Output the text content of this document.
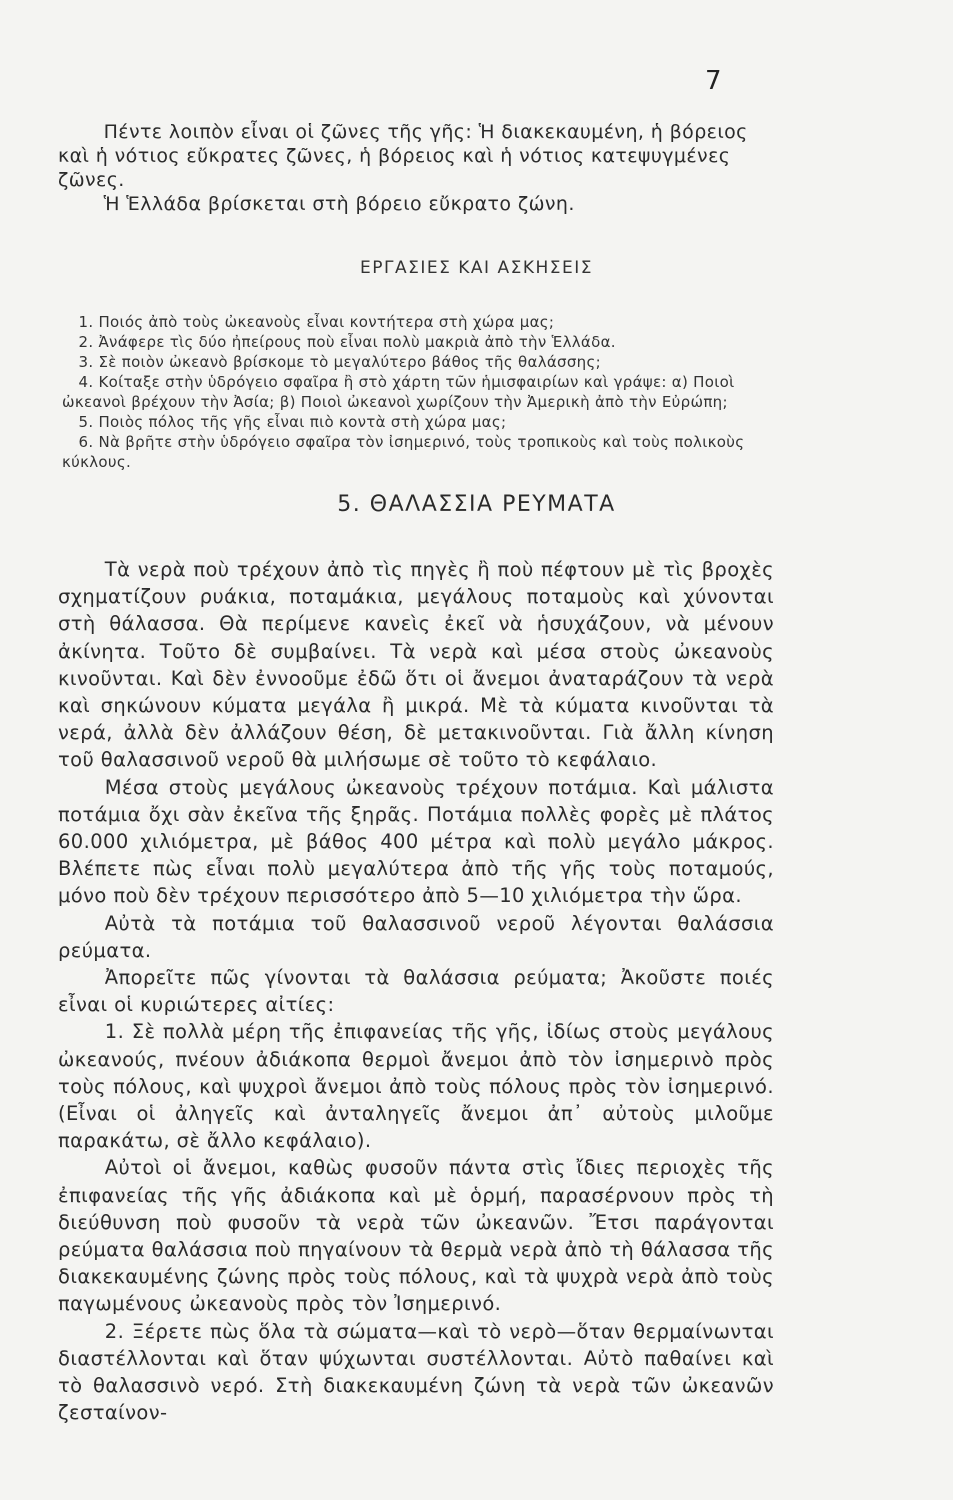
7

Πέντε λοιπὸν εἶναι οἱ ζῶνες τῆς γῆς: Ἡ διακεκαυμένη, ἡ βόρειος καὶ ἡ νότιος εὔκρατες ζῶνες, ἡ βόρειος καὶ ἡ νότιος κατεψυγμένες ζῶνες.

Ἡ Ἑλλάδα βρίσκεται στὴ βόρειο εὔκρατο ζώνη.

ΕΡΓΑΣΙΕΣ ΚΑΙ ΑΣΚΗΣΕΙΣ

1. Ποιός ἀπὸ τοὺς ὠκεανοὺς εἶναι κοντήτερα στὴ χώρα μας;

2. Ἀνάφερε τὶς δύο ἠπείρους ποὺ εἶναι πολὺ μακριὰ ἀπὸ τὴν Ἑλλάδα.

3. Σὲ ποιὸν ὠκεανὸ βρίσκομε τὸ μεγαλύτερο βάθος τῆς θαλάσσης;

4. Κοίταξε στὴν ὑδρόγειο σφαῖρα ἢ στὸ χάρτη τῶν ἡμισφαιρίων καὶ γράψε: α) Ποιοὶ ὠκεανοὶ βρέχουν τὴν Ἀσία; β) Ποιοὶ ὠκεανοὶ χωρίζουν τὴν Ἀμερικὴ ἀπὸ τὴν Εὐρώπη;

5. Ποιὸς πόλος τῆς γῆς εἶναι πιὸ κοντὰ στὴ χώρα μας;

6. Νὰ βρῆτε στὴν ὑδρόγειο σφαῖρα τὸν ἰσημερινό, τοὺς τροπικοὺς καὶ τοὺς πολικοὺς κύκλους.

5. ΘΑΛΑΣΣΙΑ ΡΕΥΜΑΤΑ

Τὰ νερὰ ποὺ τρέχουν ἀπὸ τὶς πηγὲς ἢ ποὺ πέφτουν μὲ τὶς βροχὲς σχηματίζουν ρυάκια, ποταμάκια, μεγάλους ποταμοὺς καὶ χύνονται στὴ θάλασσα. Θὰ περίμενε κανεὶς ἐκεῖ νὰ ἡσυχάζουν, νὰ μένουν ἀκίνητα. Τοῦτο δὲ συμβαίνει. Τὰ νερὰ καὶ μέσα στοὺς ὠκεανοὺς κινοῦνται. Καὶ δὲν ἐννοοῦμε ἐδῶ ὅτι οἱ ἄνεμοι ἀναταράζουν τὰ νερὰ καὶ σηκώνουν κύματα μεγάλα ἢ μικρά. Μὲ τὰ κύματα κινοῦνται τὰ νερά, ἀλλὰ δὲν ἀλλάζουν θέση, δὲ μετακινοῦνται. Γιὰ ἄλλη κίνηση τοῦ θαλασσινοῦ νεροῦ θὰ μιλήσωμε σὲ τοῦτο τὸ κεφάλαιο.

Μέσα στοὺς μεγάλους ὠκεανοὺς τρέχουν ποτάμια. Καὶ μάλιστα ποτάμια ὄχι σὰν ἐκεῖνα τῆς ξηρᾶς. Ποτάμια πολλὲς φορὲς μὲ πλάτος 60.000 χιλιόμετρα, μὲ βάθος 400 μέτρα καὶ πολὺ μεγάλο μάκρος. Βλέπετε πὼς εἶναι πολὺ μεγαλύτερα ἀπὸ τῆς γῆς τοὺς ποταμούς, μόνο ποὺ δὲν τρέχουν περισσότερο ἀπὸ 5—10 χιλιόμετρα τὴν ὥρα.

Αὐτὰ τὰ ποτάμια τοῦ θαλασσινοῦ νεροῦ λέγονται θαλάσσια ρεύματα.

Ἀπορεῖτε πῶς γίνονται τὰ θαλάσσια ρεύματα; Ἀκοῦστε ποιές εἶναι οἱ κυριώτερες αἰτίες:

1. Σὲ πολλὰ μέρη τῆς ἐπιφανείας τῆς γῆς, ἰδίως στοὺς μεγάλους ὠκεανούς, πνέουν ἀδιάκοπα θερμοὶ ἄνεμοι ἀπὸ τὸν ἰσημερινὸ πρὸς τοὺς πόλους, καὶ ψυχροὶ ἄνεμοι ἀπὸ τοὺς πόλους πρὸς τὸν ἰσημερινό. (Εἶναι οἱ ἀληγεῖς καὶ ἀνταληγεῖς ἄνεμοι ἀπ᾽ αὐτοὺς μιλοῦμε παρακάτω, σὲ ἄλλο κεφάλαιο).

Αὐτοὶ οἱ ἄνεμοι, καθὼς φυσοῦν πάντα στὶς ἴδιες περιοχὲς τῆς ἐπιφανείας τῆς γῆς ἀδιάκοπα καὶ μὲ ὁρμή, παρασέρνουν πρὸς τὴ διεύθυνση ποὺ φυσοῦν τὰ νερὰ τῶν ὠκεανῶν. Ἔτσι παράγονται ρεύματα θαλάσσια ποὺ πηγαίνουν τὰ θερμὰ νερὰ ἀπὸ τὴ θάλασσα τῆς διακεκαυμένης ζώνης πρὸς τοὺς πόλους, καὶ τὰ ψυχρὰ νερὰ ἀπὸ τοὺς παγωμένους ὠκεανοὺς πρὸς τὸν Ἰσημερινό.

2. Ξέρετε πὼς ὅλα τὰ σώματα—καὶ τὸ νερὸ—ὅταν θερμαίνωνται διαστέλλονται καὶ ὅταν ψύχωνται συστέλλονται. Αὐτὸ παθαίνει καὶ τὸ θαλασσινὸ νερό. Στὴ διακεκαυμένη ζώνη τὰ νερὰ τῶν ὠκεανῶν ζεσταίνον-
